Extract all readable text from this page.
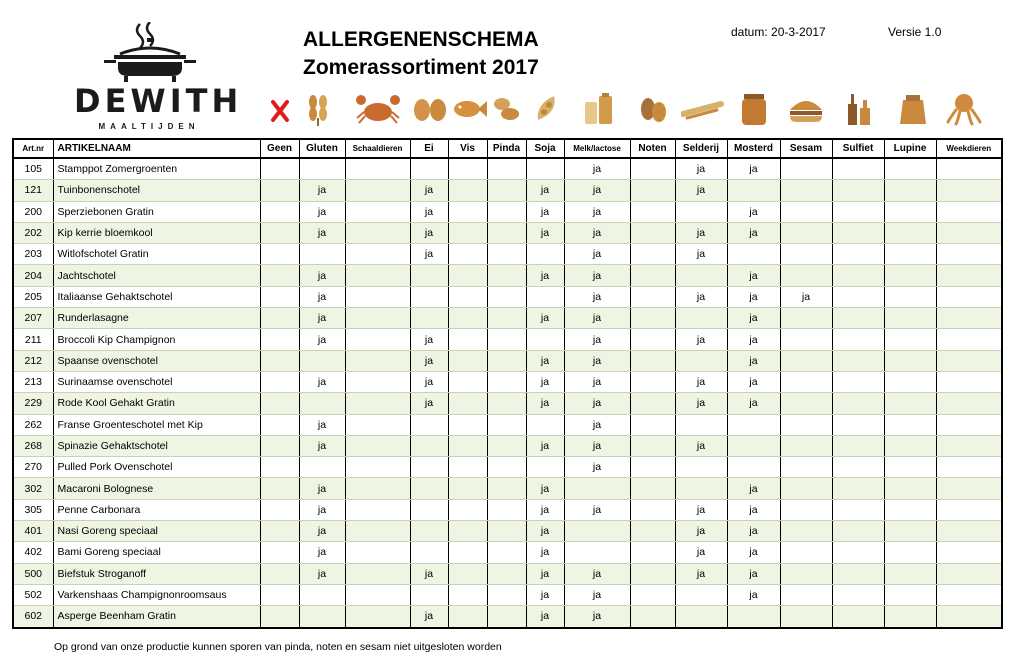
DEWITH
MAALTIJDEN
ALLERGENENSCHEMA
Zomerassortiment 2017
datum: 20-3-2017	Versie 1.0
Art.nr	ARTIKELNAAM	Geen	Gluten	Schaaldieren	Ei	Vis	Pinda	Soja	Melk/lactose	Noten	Selderij	Mosterd	Sesam	Sulfiet	Lupine	Weekdieren
105	Stamppot Zomergroenten								ja		ja	ja				
121	Tuinbonenschotel		ja		ja			ja	ja		ja					
200	Sperziebonen Gratin		ja		ja			ja	ja			ja				
202	Kip kerrie bloemkool		ja		ja			ja	ja		ja	ja				
203	Witlofschotel Gratin				ja				ja		ja					
204	Jachtschotel		ja					ja	ja			ja				
205	Italiaanse Gehaktschotel		ja						ja		ja	ja	ja			
207	Runderlasagne		ja					ja	ja			ja				
211	Broccoli Kip Champignon		ja		ja				ja		ja	ja				
212	Spaanse ovenschotel				ja			ja	ja			ja				
213	Surinaamse ovenschotel		ja		ja			ja	ja		ja	ja				
229	Rode Kool Gehakt Gratin				ja			ja	ja		ja	ja				
262	Franse Groenteschotel met Kip		ja						ja							
268	Spinazie Gehaktschotel		ja					ja	ja		ja					
270	Pulled Pork Ovenschotel								ja							
302	Macaroni Bolognese		ja					ja				ja				
305	Penne Carbonara		ja					ja	ja		ja	ja				
401	Nasi Goreng speciaal		ja					ja			ja	ja				
402	Bami Goreng speciaal		ja					ja			ja	ja				
500	Biefstuk Stroganoff		ja		ja			ja	ja		ja	ja				
502	Varkenshaas Champignonroomsaus							ja	ja			ja				
602	Asperge Beenham Gratin				ja			ja	ja							
Op grond van onze productie kunnen sporen van pinda, noten en sesam niet uitgesloten worden
